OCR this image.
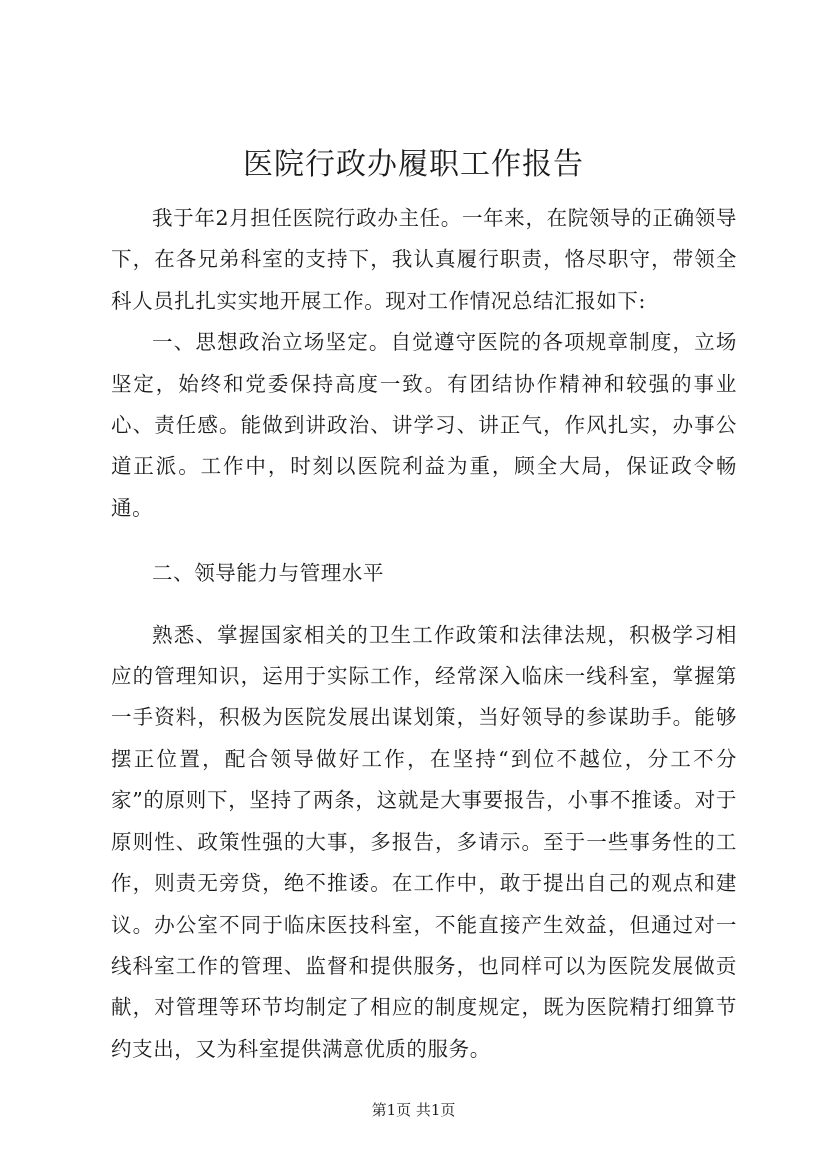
医院行政办履职工作报告

我于年2月担任医院行政办主任。一年来，在院领导的正确领导下，在各兄弟科室的支持下，我认真履行职责，恪尽职守，带领全科人员扎扎实实地开展工作。现对工作情况总结汇报如下:

一、思想政治立场坚定。自觉遵守医院的各项规章制度，立场坚定，始终和党委保持高度一致。有团结协作精神和较强的事业心、责任感。能做到讲政治、讲学习、讲正气，作风扎实，办事公道正派。工作中，时刻以医院利益为重，顾全大局，保证政令畅通。

二、领导能力与管理水平

熟悉、掌握国家相关的卫生工作政策和法律法规，积极学习相应的管理知识，运用于实际工作，经常深入临床一线科室，掌握第一手资料，积极为医院发展出谋划策，当好领导的参谋助手。能够摆正位置，配合领导做好工作，在坚持“到位不越位，分工不分家”的原则下，坚持了两条，这就是大事要报告，小事不推诿。对于原则性、政策性强的大事，多报告，多请示。至于一些事务性的工作，则责无旁贷，绝不推诿。在工作中，敢于提出自己的观点和建议。办公室不同于临床医技科室，不能直接产生效益，但通过对一线科室工作的管理、监督和提供服务，也同样可以为医院发展做贡献，对管理等环节均制定了相应的制度规定，既为医院精打细算节约支出，又为科室提供满意优质的服务。

第1页 共1页
